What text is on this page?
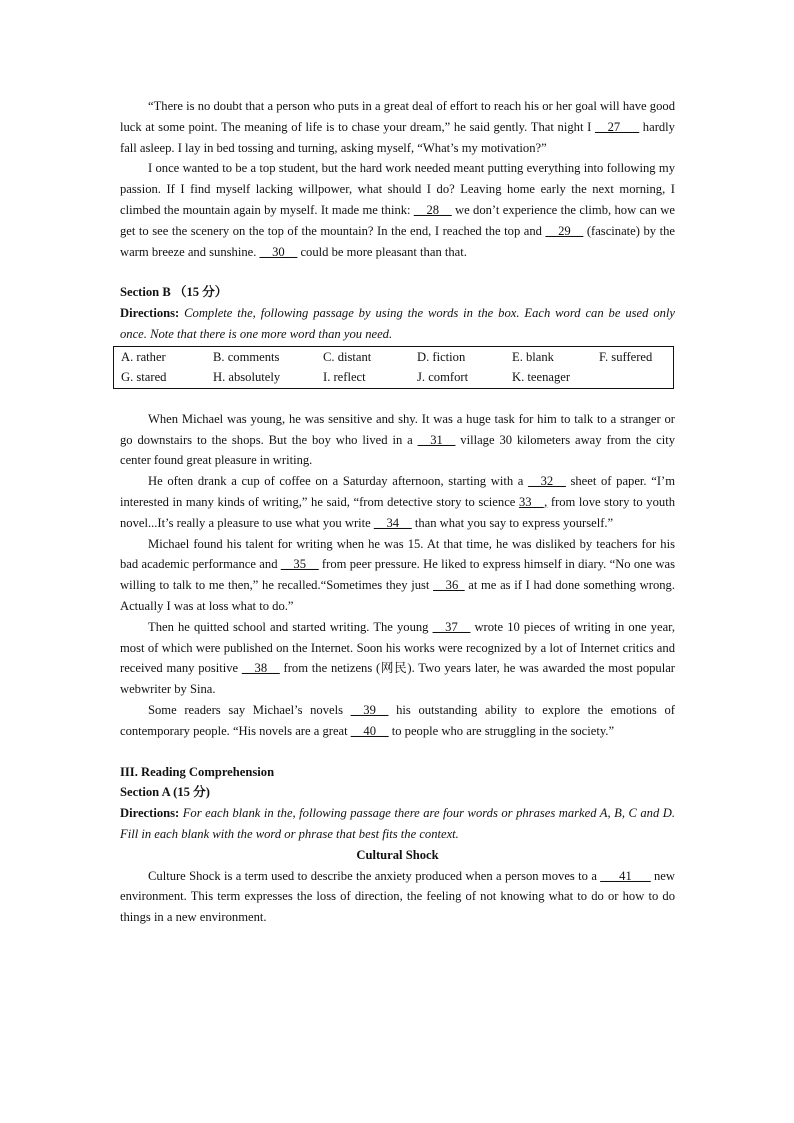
“There is no doubt that a person who puts in a great deal of effort to reach his or her goal will have good luck at some point. The meaning of life is to chase your dream,” he said gently. That night I __27___ hardly fall asleep. I lay in bed tossing and turning, asking myself, “What’s my motivation?”

I once wanted to be a top student, but the hard work needed meant putting everything into following my passion. If I find myself lacking willpower, what should I do? Leaving home early the next morning, I climbed the mountain again by myself. It made me think: __28__ we don’t experience the climb, how can we get to see the scenery on the top of the mountain? In the end, I reached the top and __29__ (fascinate) by the warm breeze and sunshine. __30__ could be more pleasant than that.

Section B （15 分）
Directions: Complete the, following passage by using the words in the box. Each word can be used only once. Note that there is one more word than you need.
A. rather	B. comments	C. distant	D. fiction	E. blank	F. suffered
G. stared	H. absolutely	I. reflect	J. comfort	K. teenager	

When Michael was young, he was sensitive and shy. It was a huge task for him to talk to a stranger or go downstairs to the shops. But the boy who lived in a __31__ village 30 kilometers away from the city center found great pleasure in writing.

He often drank a cup of coffee on a Saturday afternoon, starting with a __32__ sheet of paper. “I’m interested in many kinds of writing,” he said, “from detective story to science 33__, from love story to youth novel...It’s really a pleasure to use what you write __34__ than what you say to express yourself.”

Michael found his talent for writing when he was 15. At that time, he was disliked by teachers for his bad academic performance and __35__ from peer pressure. He liked to express himself in diary. “No one was willing to talk to me then,” he recalled.“Sometimes they just __36_ at me as if I had done something wrong. Actually I was at loss what to do.”

Then he quitted school and started writing. The young __37__ wrote 10 pieces of writing in one year, most of which were published on the Internet. Soon his works were recognized by a lot of Internet critics and received many positive __38__ from the netizens (网民). Two years later, he was awarded the most popular webwriter by Sina.

Some readers say Michael’s novels __39__ his outstanding ability to explore the emotions of contemporary people. “His novels are a great __40__ to people who are struggling in the society.”

III. Reading Comprehension
Section A (15 分)
Directions: For each blank in the, following passage there are four words or phrases marked A, B, C and D. Fill in each blank with the word or phrase that best fits the context.
Cultural Shock

Culture Shock is a term used to describe the anxiety produced when a person moves to a ___41___ new environment. This term expresses the loss of direction, the feeling of not knowing what to do or how to do things in a new environment.
